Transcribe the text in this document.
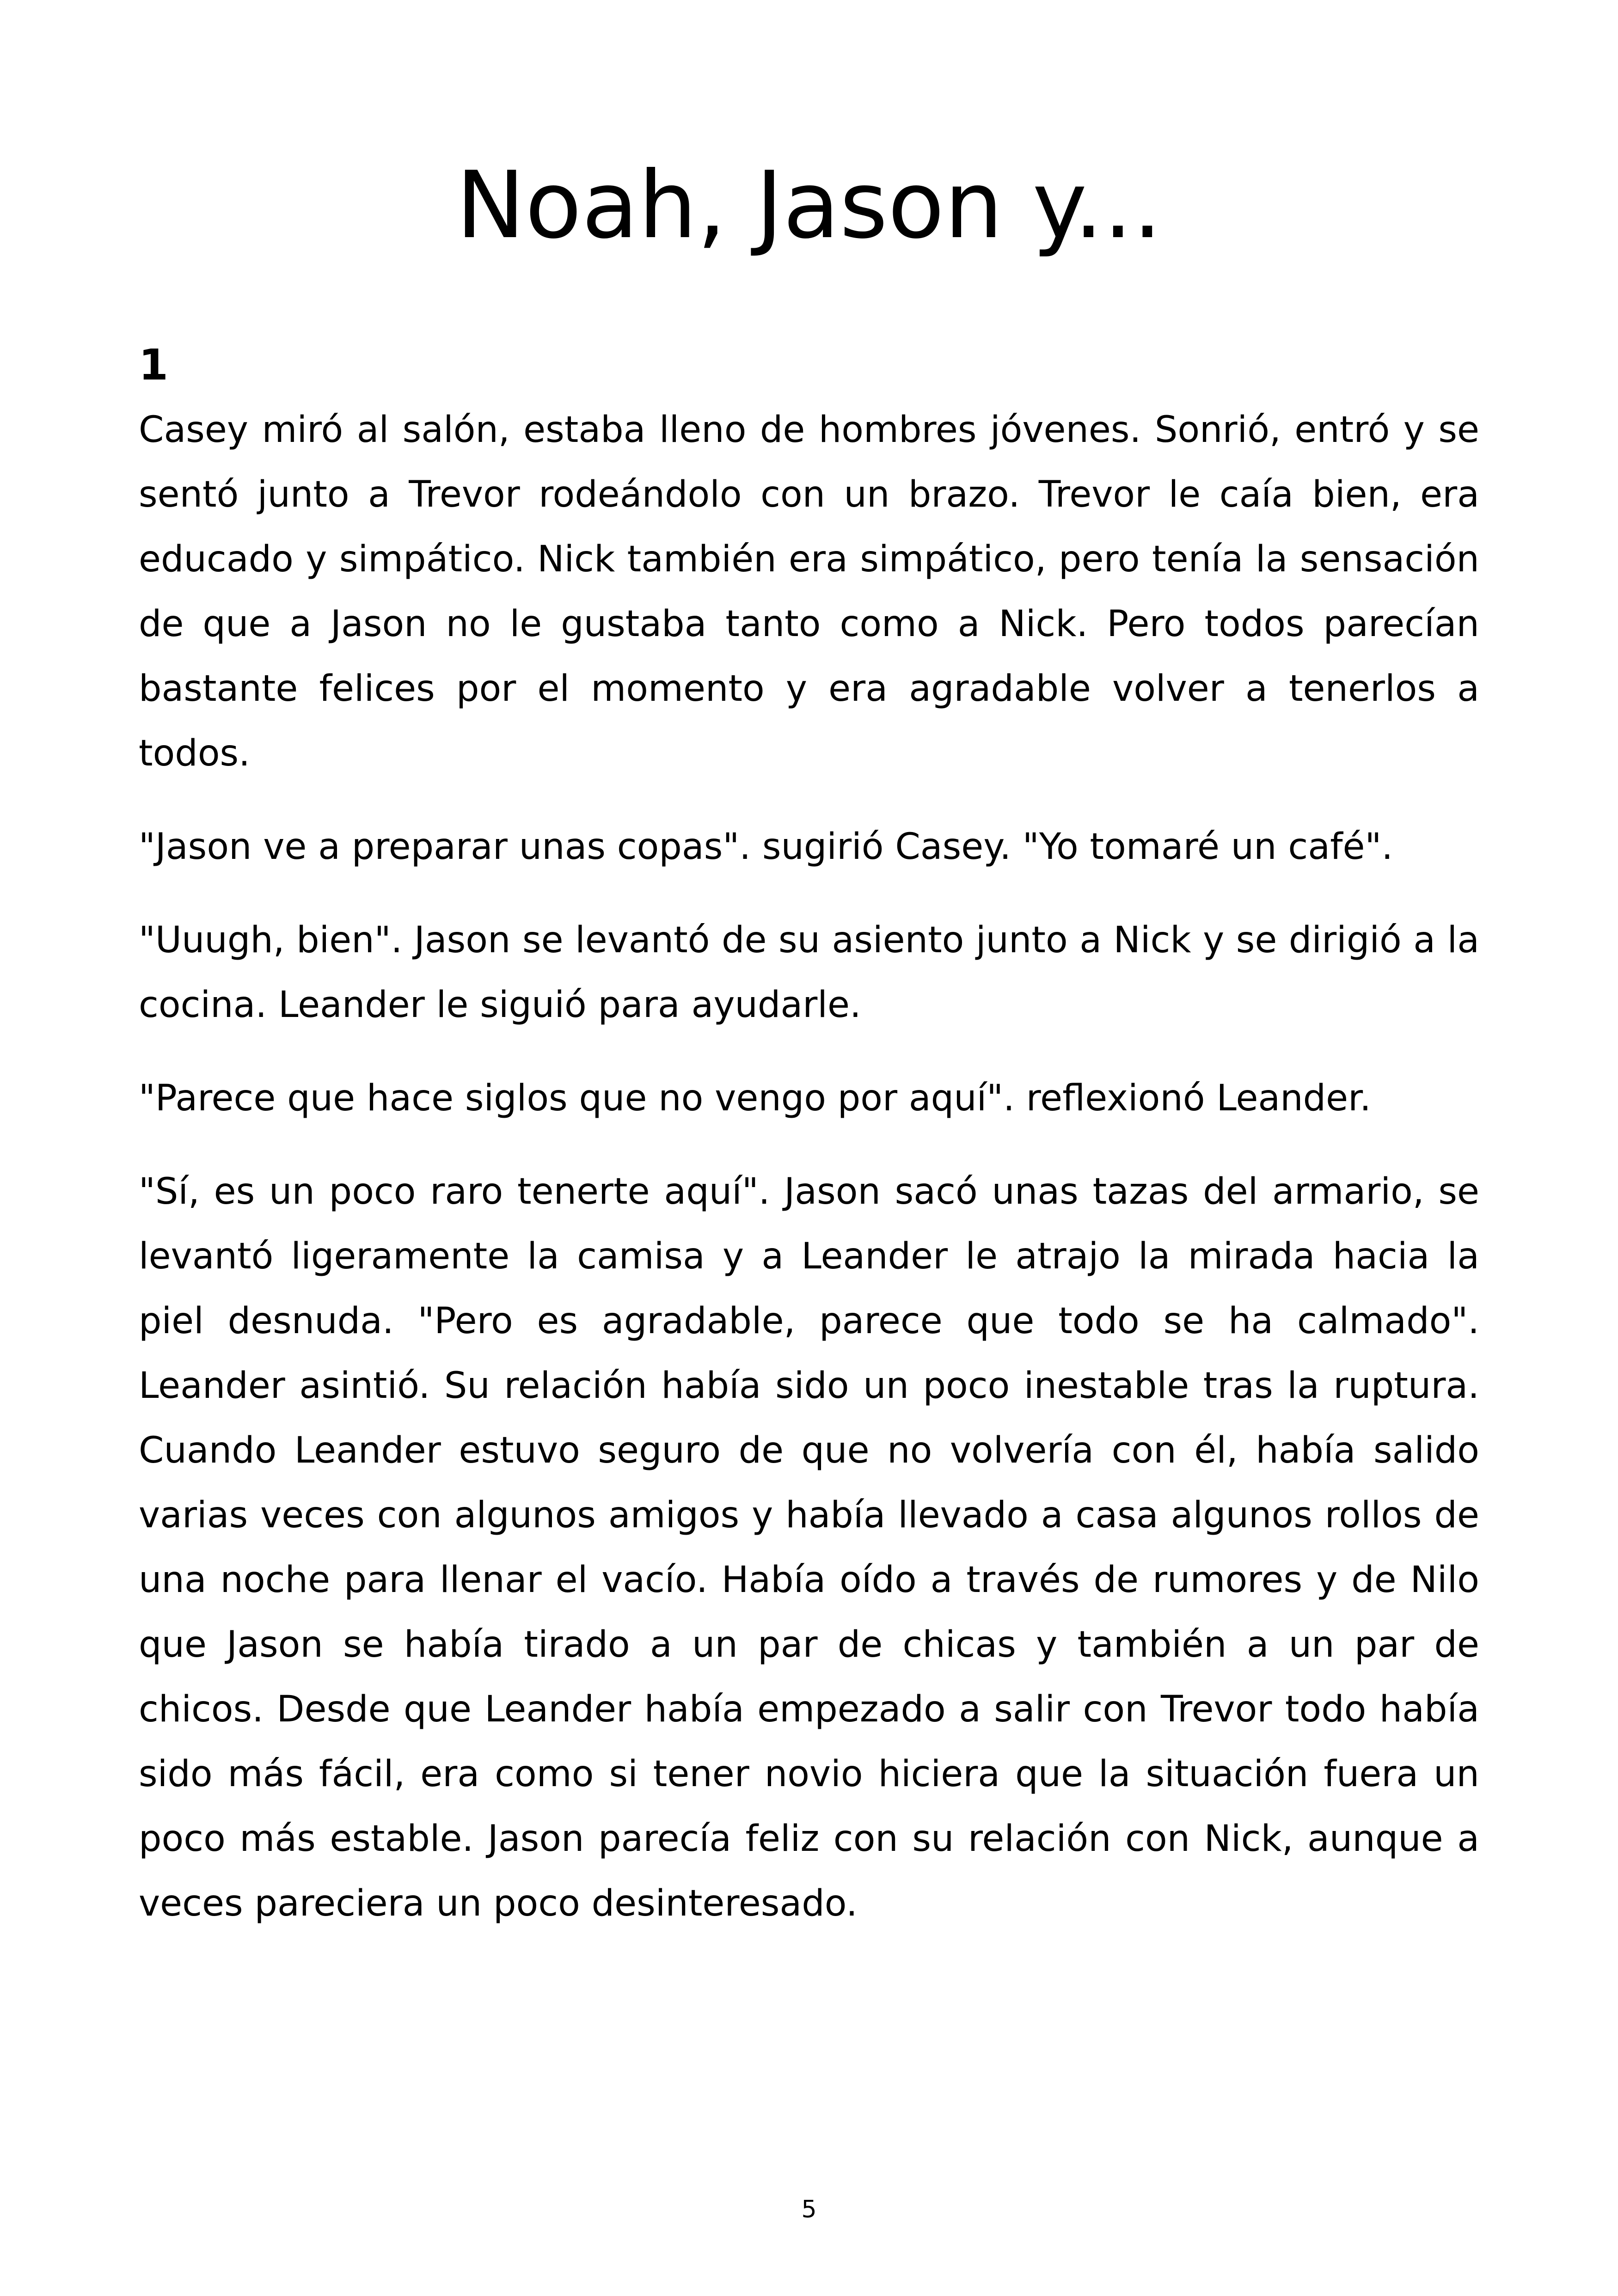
Noah, Jason y...
1

Casey miró al salón, estaba lleno de hombres jóvenes. Sonrió, entró y se sentó junto a Trevor rodeándolo con un brazo. Trevor le caía bien, era educado y simpático. Nick también era simpático, pero tenía la sensación de que a Jason no le gustaba tanto como a Nick. Pero todos parecían bastante felices por el momento y era agradable volver a tenerlos a todos.

"Jason ve a preparar unas copas". sugirió Casey. "Yo tomaré un café".

"Uuugh, bien". Jason se levantó de su asiento junto a Nick y se dirigió a la cocina. Leander le siguió para ayudarle.

"Parece que hace siglos que no vengo por aquí". reflexionó Leander.

"Sí, es un poco raro tenerte aquí". Jason sacó unas tazas del armario, se levantó ligeramente la camisa y a Leander le atrajo la mirada hacia la piel desnuda. "Pero es agradable, parece que todo se ha calmado". Leander asintió. Su relación había sido un poco inestable tras la ruptura. Cuando Leander estuvo seguro de que no volvería con él, había salido varias veces con algunos amigos y había llevado a casa algunos rollos de una noche para llenar el vacío. Había oído a través de rumores y de Nilo que Jason se había tirado a un par de chicas y también a un par de chicos. Desde que Leander había empezado a salir con Trevor todo había sido más fácil, era como si tener novio hiciera que la situación fuera un poco más estable. Jason parecía feliz con su relación con Nick, aunque a veces pareciera un poco desinteresado.

5
